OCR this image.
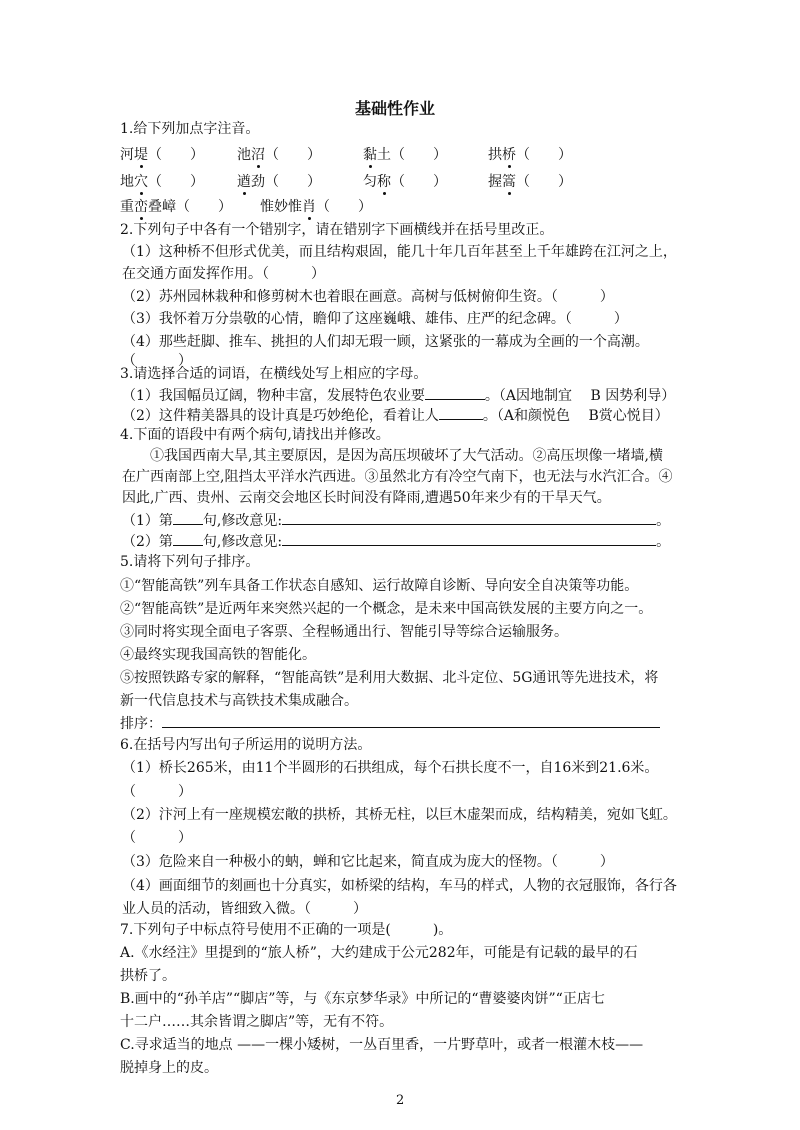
基础性作业
1.给下列加点字注音。
河堤（　　） 池沼（　　）	黏土（　　）	拱桥（　　）
地穴（　　） 遒劲（　　）	匀称（　　）	握篙（　　）
重峦叠嶂（　　） 惟妙惟肖（　　）
2.下列句子中各有一个错别字，请在错别字下画横线并在括号里改正。
（1）这种桥不但形式优美，而且结构艰固，能几十年几百年甚至上千年雄跨在江河之上，
在交通方面发挥作用。（　　　）
（2）苏州园林栽种和修剪树木也着眼在画意。高树与低树俯仰生资。（　　　）
（3）我怀着万分祟敬的心情，瞻仰了这座巍峨、雄伟、庄严的纪念碑。（　　　）
（4）那些赶脚、推车、挑担的人们却无瑕一顾，这紧张的一幕成为全画的一个高潮。
（　　　）
3.请选择合适的词语，在横线处写上相应的字母。
（1）我国幅员辽阔，物种丰富，发展特色农业要	。（A因地制宜　 B 因势利导）
（2）这件精美器具的设计真是巧妙绝伦，看着让人	。（A和颜悦色　 B赏心悦目）
4.下面的语段中有两个病句,请找出并修改。
　　①我国西南大旱,其主要原因，是因为高压坝破坏了大气活动。②高压坝像一堵墙,横
在广西南部上空,阻挡太平洋水汽西进。③虽然北方有冷空气南下，也无法与水汽汇合。④
因此,广西、贵州、云南交会地区长时间没有降雨,遭遇50年来少有的干旱天气。
（1）第 句,修改意见:	。
（2）第 句,修改意见:	。
5.请将下列句子排序。
①“智能高铁”列车具备工作状态自感知、运行故障自诊断、导向安全自决策等功能。
②“智能高铁”是近两年来突然兴起的一个概念，是未来中国高铁发展的主要方向之一。
③同时将实现全面电子客票、全程畅通出行、智能引导等综合运输服务。
④最终实现我国高铁的智能化。
⑤按照铁路专家的解释，“智能高铁”是利用大数据、北斗定位、5G通讯等先进技术，将
新一代信息技术与高铁技术集成融合。
排序：
6.在括号内写出句子所运用的说明方法。
（1）桥长265米，由11个半圆形的石拱组成，每个石拱长度不一，自16米到21.6米。
（　　　）
（2）汴河上有一座规模宏敞的拱桥，其桥无柱，以巨木虚架而成，结构精美，宛如飞虹。
（　　　）
（3）危险来自一种极小的蚋，蝉和它比起来，简直成为庞大的怪物。（　　　）
（4）画面细节的刻画也十分真实，如桥梁的结构，车马的样式，人物的衣冠服饰，各行各
业人员的活动，皆细致入微。（　　　）
7.下列句子中标点符号使用不正确的一项是(　　　)。
A.《水经注》里提到的“旅人桥”，大约建成于公元282年，可能是有记载的最早的石
拱桥了。
B.画中的“孙羊店”“脚店”等，与《东京梦华录》中所记的“曹婆婆肉饼”“正店七
十二户……其余皆谓之脚店”等，无有不符。
C.寻求适当的地点 ——一棵小矮树，一丛百里香，一片野草叶，或者一根灌木枝——
脱掉身上的皮。
2
